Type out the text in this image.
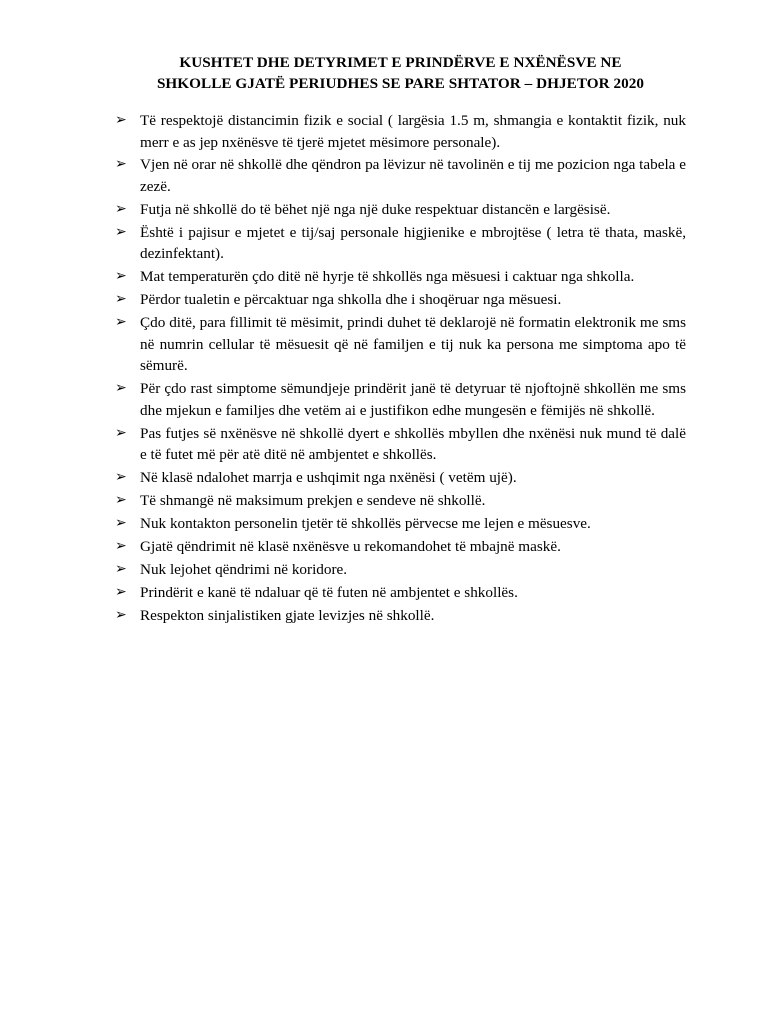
KUSHTET DHE DETYRIMET E PRINDËRVE E NXËNËSVE NE
SHKOLLE GJATË PERIUDHES SE PARE SHTATOR – DHJETOR 2020
➢ Të respektojë distancimin fizik e social ( largësia 1.5 m, shmangia e kontaktit fizik, nuk merr e as jep nxënësve të tjerë mjetet mësimore personale).
➢ Vjen në orar në shkollë dhe qëndron pa lëvizur në tavolinën e tij me pozicion nga tabela e zezë.
➢ Futja në shkollë do të bëhet një nga një duke respektuar distancën e largësisë.
➢ Është i pajisur e mjetet e tij/saj personale higjienike e mbrojtëse ( letra të thata, maskë, dezinfektant).
➢ Mat temperaturën çdo ditë në hyrje të shkollës nga mësuesi i caktuar nga shkolla.
➢ Përdor tualetin e përcaktuar nga shkolla dhe i shoqëruar nga mësuesi.
➢ Çdo ditë, para fillimit të mësimit, prindi duhet të deklarojë në formatin elektronik me sms në numrin cellular të mësuesit që në familjen e tij nuk ka persona me simptoma apo të sëmurë.
➢ Për çdo rast simptome sëmundjeje prindërit janë të detyruar të njoftojnë shkollën me sms dhe mjekun e familjes dhe vetëm ai e justifikon edhe mungesën e fëmijës në shkollë.
➢ Pas futjes së nxënësve në shkollë dyert e shkollës mbyllen dhe nxënësi nuk mund të dalë e të futet më për atë ditë në ambjentet e shkollës.
➢ Në klasë ndalohet marrja e ushqimit nga nxënësi ( vetëm ujë).
➢ Të shmangë në maksimum prekjen e sendeve në shkollë.
➢ Nuk kontakton personelin tjetër të shkollës përvecse me lejen e mësuesve.
➢ Gjatë qëndrimit në klasë nxënësve u rekomandohet të mbajnë maskë.
➢ Nuk lejohet qëndrimi në koridore.
➢ Prindërit e kanë të ndaluar që të futen në ambjentet e shkollës.
➢ Respekton sinjalistiken gjate levizjes në shkollë.
